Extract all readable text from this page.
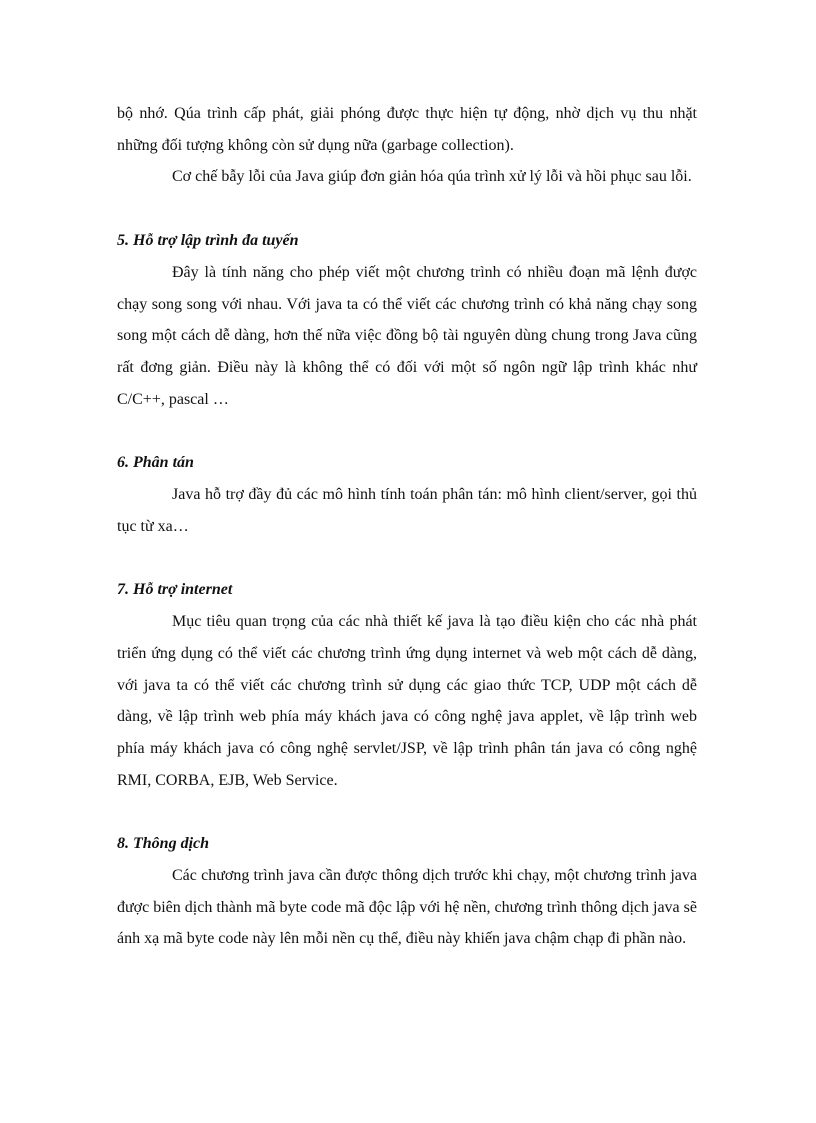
bộ nhớ. Qúa trình cấp phát, giải phóng được thực hiện tự động, nhờ dịch vụ thu nhặt những đối tượng không còn sử dụng nữa (garbage collection).

Cơ chế bẫy lỗi của Java giúp đơn giản hóa qúa trình xử lý lỗi và hồi phục sau lỗi.

5. Hỗ trợ lập trình đa tuyến

Đây là tính năng cho phép viết một chương trình có nhiều đoạn mã lệnh được chạy song song với nhau. Với java ta có thể viết các chương trình có khả năng chạy song song một cách dễ dàng, hơn thế nữa việc đồng bộ tài nguyên dùng chung trong Java cũng rất đơng giản. Điều này là không thể có đối với một số ngôn ngữ lập trình khác như C/C++, pascal …

6. Phân tán

Java hỗ trợ đầy đủ các mô hình tính toán phân tán: mô hình client/server, gọi thủ tục từ xa…

7. Hỗ trợ internet

Mục tiêu quan trọng của các nhà thiết kế java là tạo điều kiện cho các nhà phát triển ứng dụng có thể viết các chương trình ứng dụng internet và web một cách dễ dàng, với java ta có thể viết các chương trình sử dụng các giao thức TCP, UDP một cách dễ dàng, về lập trình web phía máy khách java có công nghệ java applet, về lập trình web phía máy khách java có công nghệ servlet/JSP, về lập trình phân tán java có công nghệ RMI, CORBA, EJB, Web Service.

8. Thông dịch

Các chương trình java cần được thông dịch trước khi chạy, một chương trình java được biên dịch thành mã byte code mã độc lập với hệ nền, chương trình thông dịch java sẽ ánh xạ mã byte code này lên mỗi nền cụ thể, điều này khiến java chậm chạp đi phần nào.
